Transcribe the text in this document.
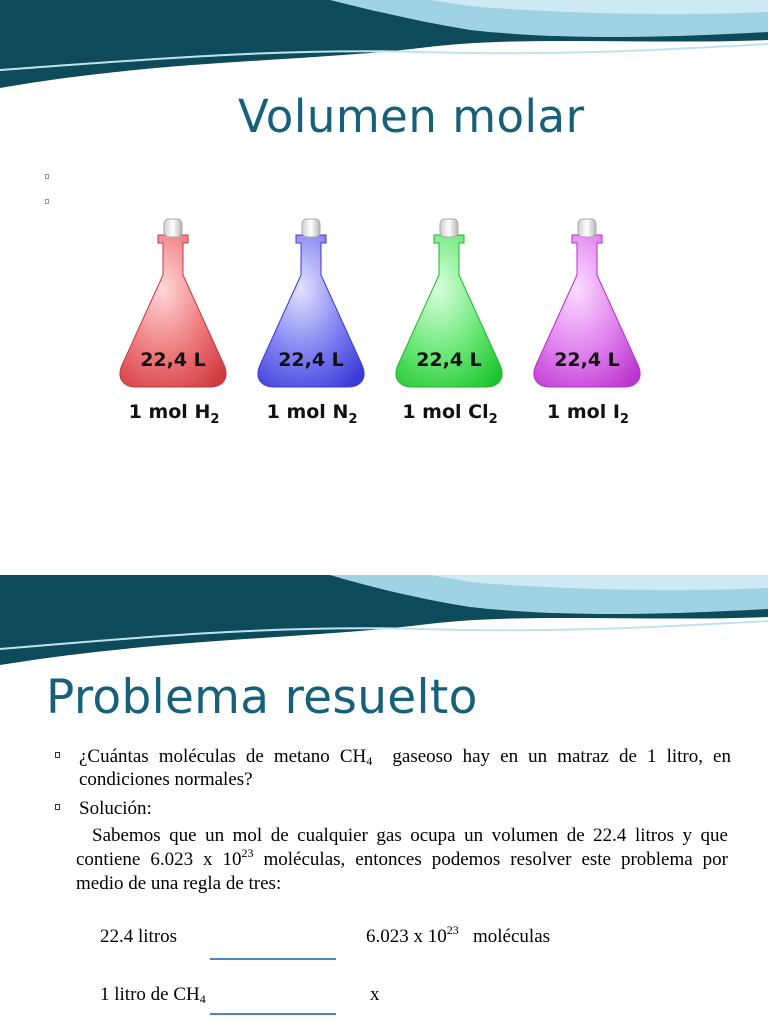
Volumen molar
22,4 L	22,4 L	22,4 L	22,4 L
1 mol $H_2$	1 mol $N_2$	1 mol $Cl_2$	1 mol $I_2$
Problema resuelto
¿Cuántas moléculas de metano $CH_4$  gaseoso hay en un matraz de 1 litro, en condiciones normales?
Solución:
Sabemos que un mol de cualquier gas ocupa un volumen de 22.4 litros y que contiene 6.023 x $10^{23}$ moléculas, entonces podemos resolver este problema por medio de una regla de tres:
22.4 litros	6.023 x $10^{23}$   moléculas
1 litro de $CH_4$	x
